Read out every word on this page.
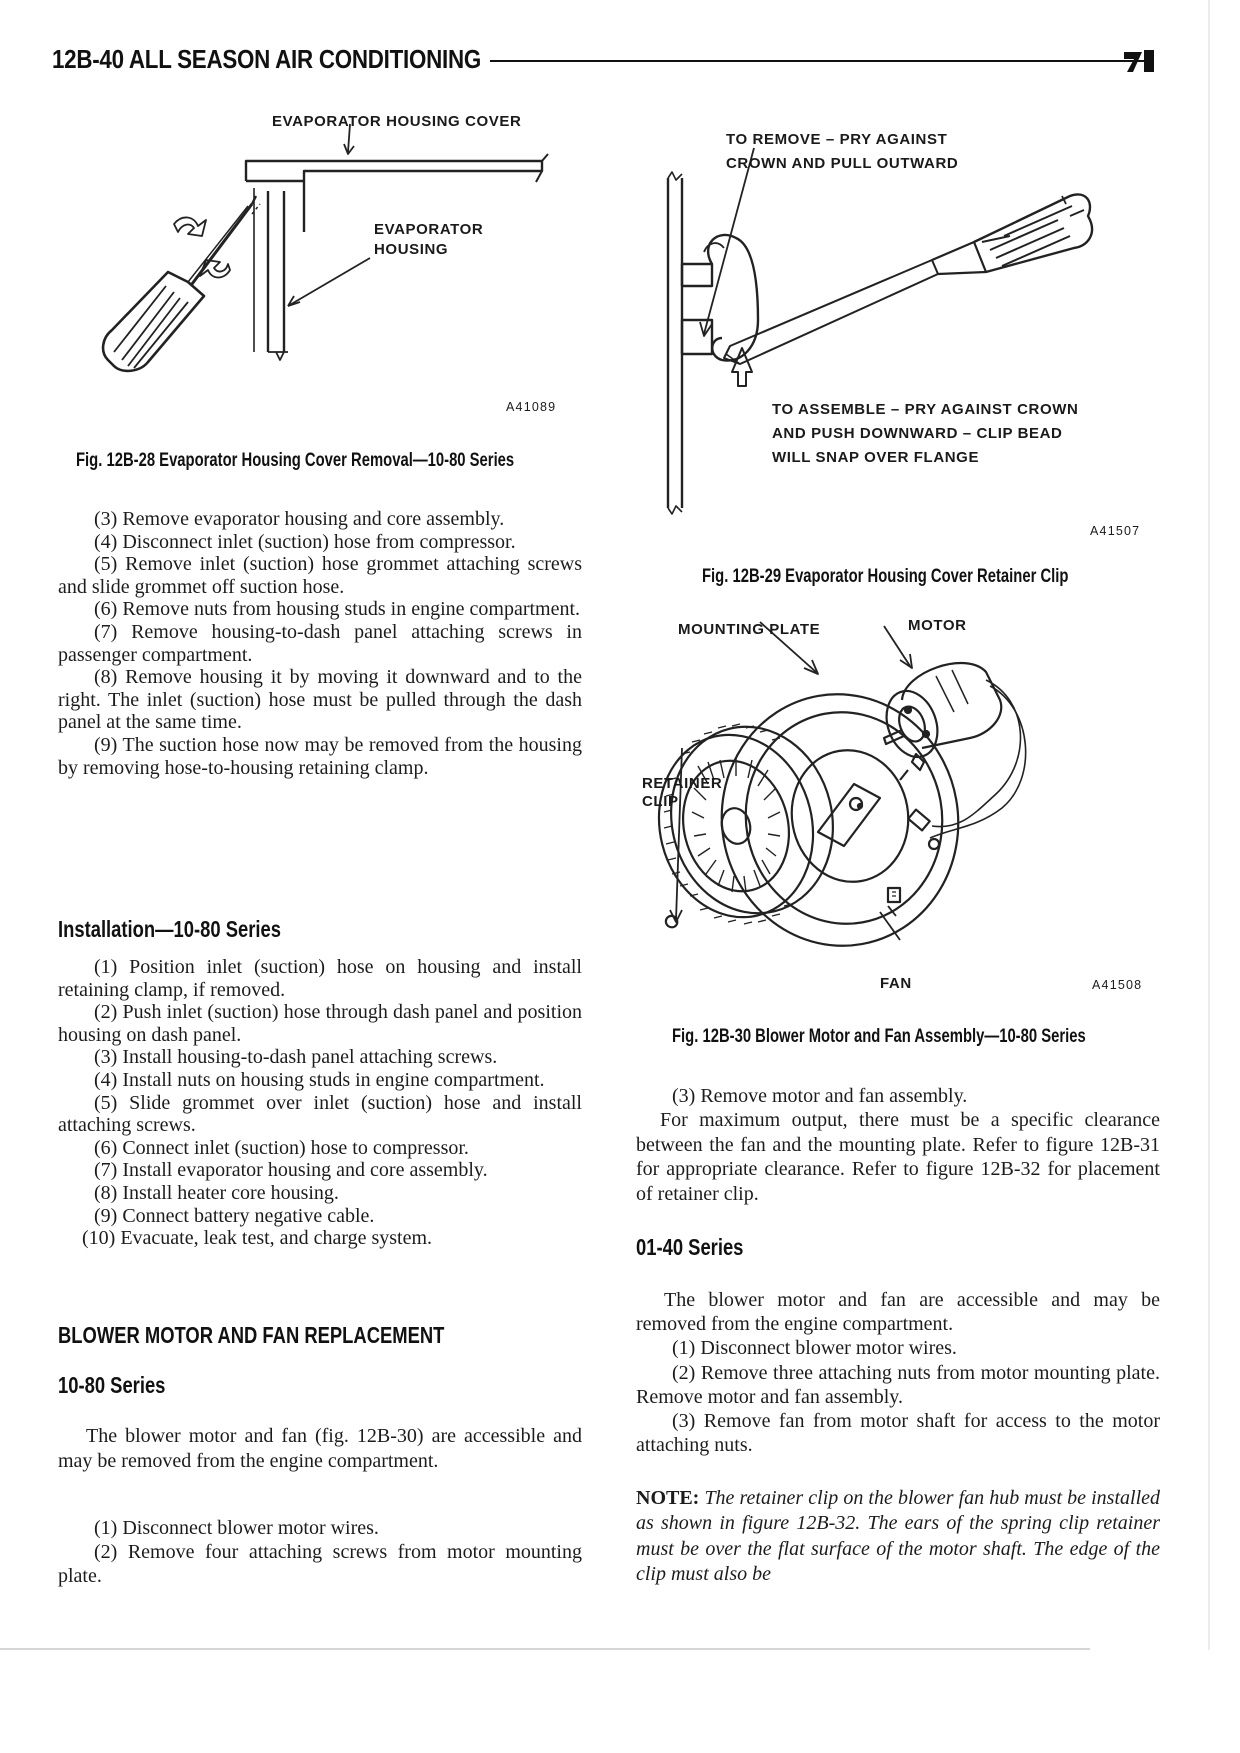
12B-40 ALL SEASON AIR CONDITIONING
EVAPORATOR HOUSING COVER
EVAPORATOR
HOUSING
A41089
Fig. 12B-28 Evaporator Housing Cover Removal—10-80 Series
TO REMOVE – PRY AGAINST
CROWN AND PULL OUTWARD
TO ASSEMBLE – PRY AGAINST CROWN
AND PUSH DOWNWARD – CLIP BEAD
WILL SNAP OVER FLANGE
A41507
Fig. 12B-29 Evaporator Housing Cover Retainer Clip
MOUNTING PLATE	MOTOR
RETAINER
CLIP
FAN	A41508
Fig. 12B-30 Blower Motor and Fan Assembly—10-80 Series

(3) Remove evaporator housing and core assembly.

(4) Disconnect inlet (suction) hose from compressor.

(5) Remove inlet (suction) hose grommet attaching screws and slide grommet off suction hose.

(6) Remove nuts from housing studs in engine compartment.

(7) Remove housing-to-dash panel attaching screws in passenger compartment.

(8) Remove housing it by moving it downward and to the right. The inlet (suction) hose must be pulled through the dash panel at the same time.

(9) The suction hose now may be removed from the housing by removing hose-to-housing retaining clamp.

Installation—10-80 Series

(1) Position inlet (suction) hose on housing and install retaining clamp, if removed.

(2) Push inlet (suction) hose through dash panel and position housing on dash panel.

(3) Install housing-to-dash panel attaching screws.

(4) Install nuts on housing studs in engine compartment.

(5) Slide grommet over inlet (suction) hose and install attaching screws.

(6) Connect inlet (suction) hose to compressor.

(7) Install evaporator housing and core assembly.

(8) Install heater core housing.

(9) Connect battery negative cable.

(10) Evacuate, leak test, and charge system.

BLOWER MOTOR AND FAN REPLACEMENT
10-80 Series

The blower motor and fan (fig. 12B-30) are accessible and may be removed from the engine compartment.

(1) Disconnect blower motor wires.

(2) Remove four attaching screws from motor mounting plate.

(3) Remove motor and fan assembly.

For maximum output, there must be a specific clearance between the fan and the mounting plate. Refer to figure 12B-31 for appropriate clearance. Refer to figure 12B-32 for placement of retainer clip.

01-40 Series

The blower motor and fan are accessible and may be removed from the engine compartment.

(1) Disconnect blower motor wires.

(2) Remove three attaching nuts from motor mounting plate. Remove motor and fan assembly.

(3) Remove fan from motor shaft for access to the motor attaching nuts.

NOTE: The retainer clip on the blower fan hub must be installed as shown in figure 12B-32. The ears of the spring clip retainer must be over the flat surface of the motor shaft. The edge of the clip must also be
